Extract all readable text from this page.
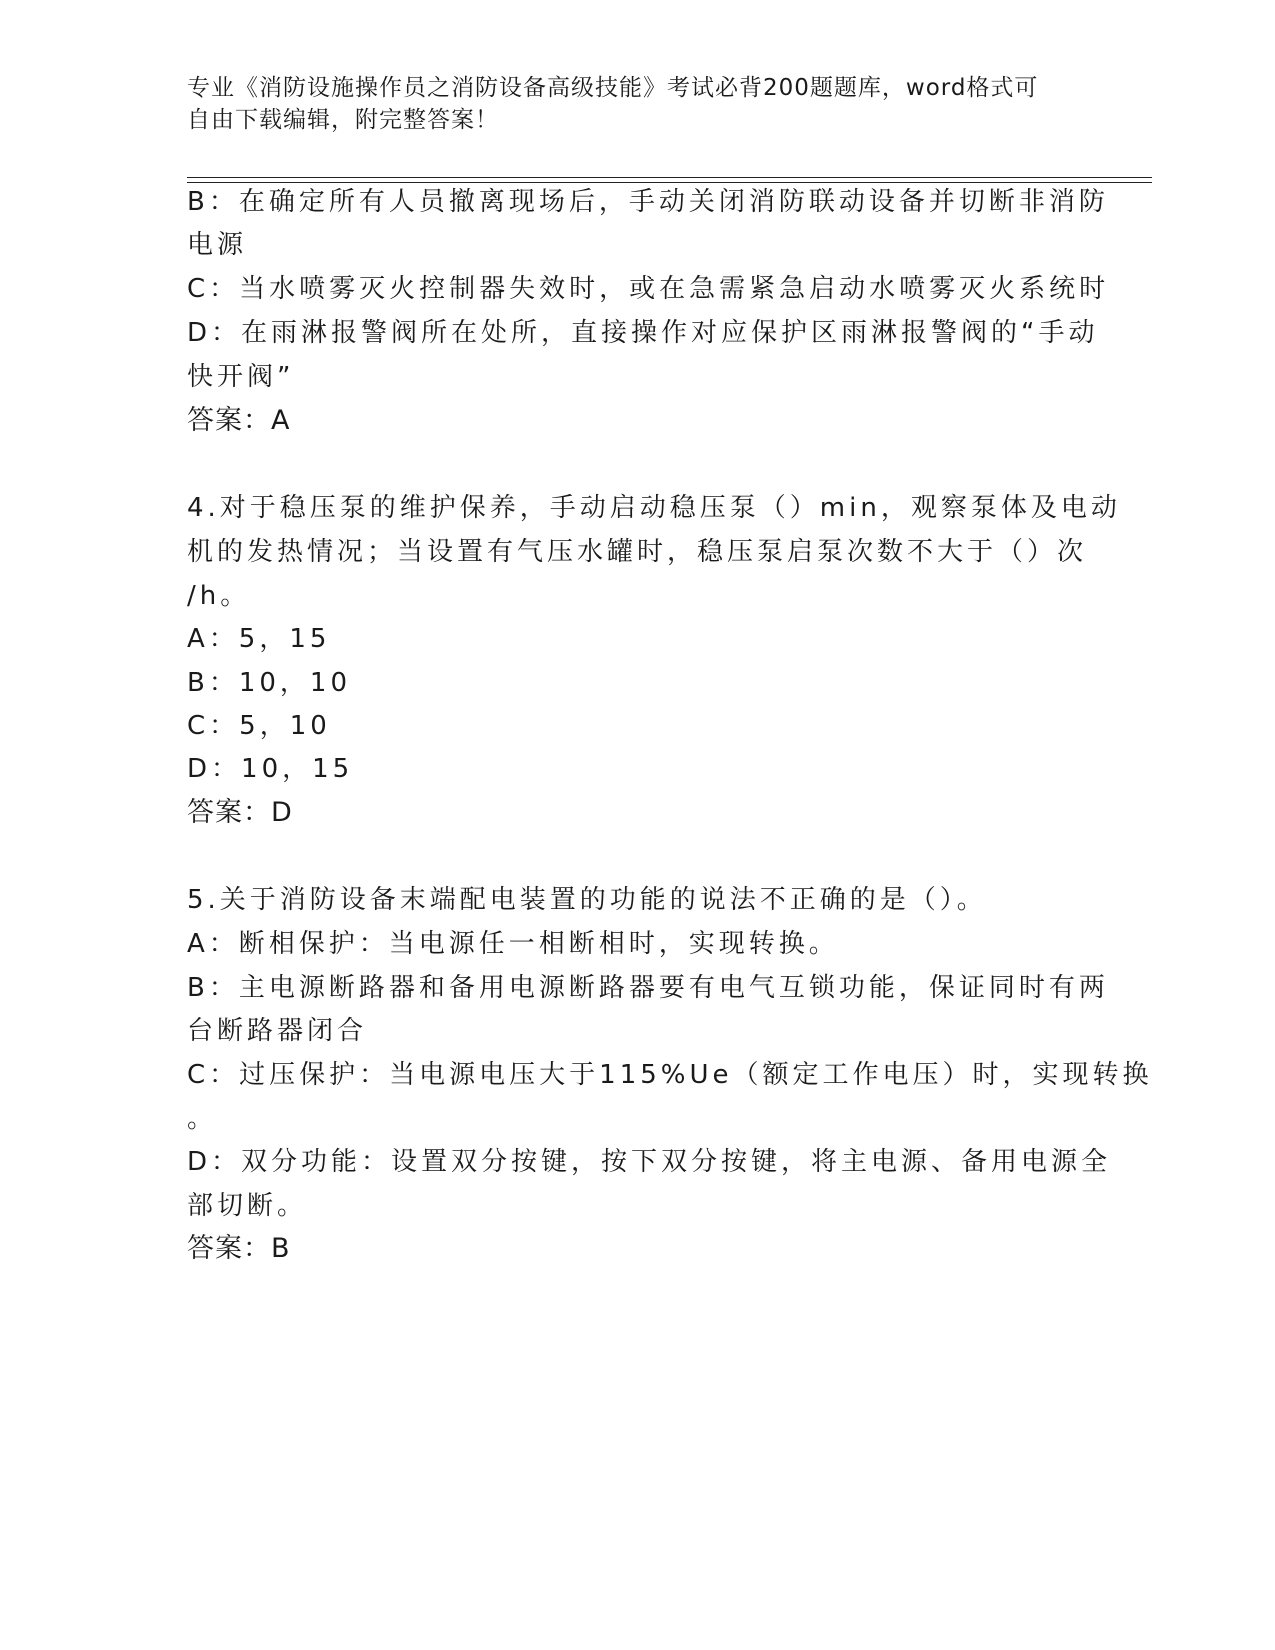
专业《消防设施操作员之消防设备高级技能》考试必背200题题库，word格式可
自由下载编辑，附完整答案！
B：在确定所有人员撤离现场后，手动关闭消防联动设备并切断非消防
电源
C：当水喷雾灭火控制器失效时，或在急需紧急启动水喷雾灭火系统时
D：在雨淋报警阀所在处所，直接操作对应保护区雨淋报警阀的“手动
快开阀”
答案：A
4.对于稳压泵的维护保养，手动启动稳压泵（）min，观察泵体及电动
机的发热情况；当设置有气压水罐时，稳压泵启泵次数不大于（）次
/h。
A：5，15
B：10，10
C：5，10
D：10，15
答案：D
5.关于消防设备末端配电装置的功能的说法不正确的是（）。
A：断相保护：当电源任一相断相时，实现转换。
B：主电源断路器和备用电源断路器要有电气互锁功能，保证同时有两
台断路器闭合
C：过压保护：当电源电压大于115%Ue（额定工作电压）时，实现转换
。
D：双分功能：设置双分按键，按下双分按键，将主电源、备用电源全
部切断。
答案：B
